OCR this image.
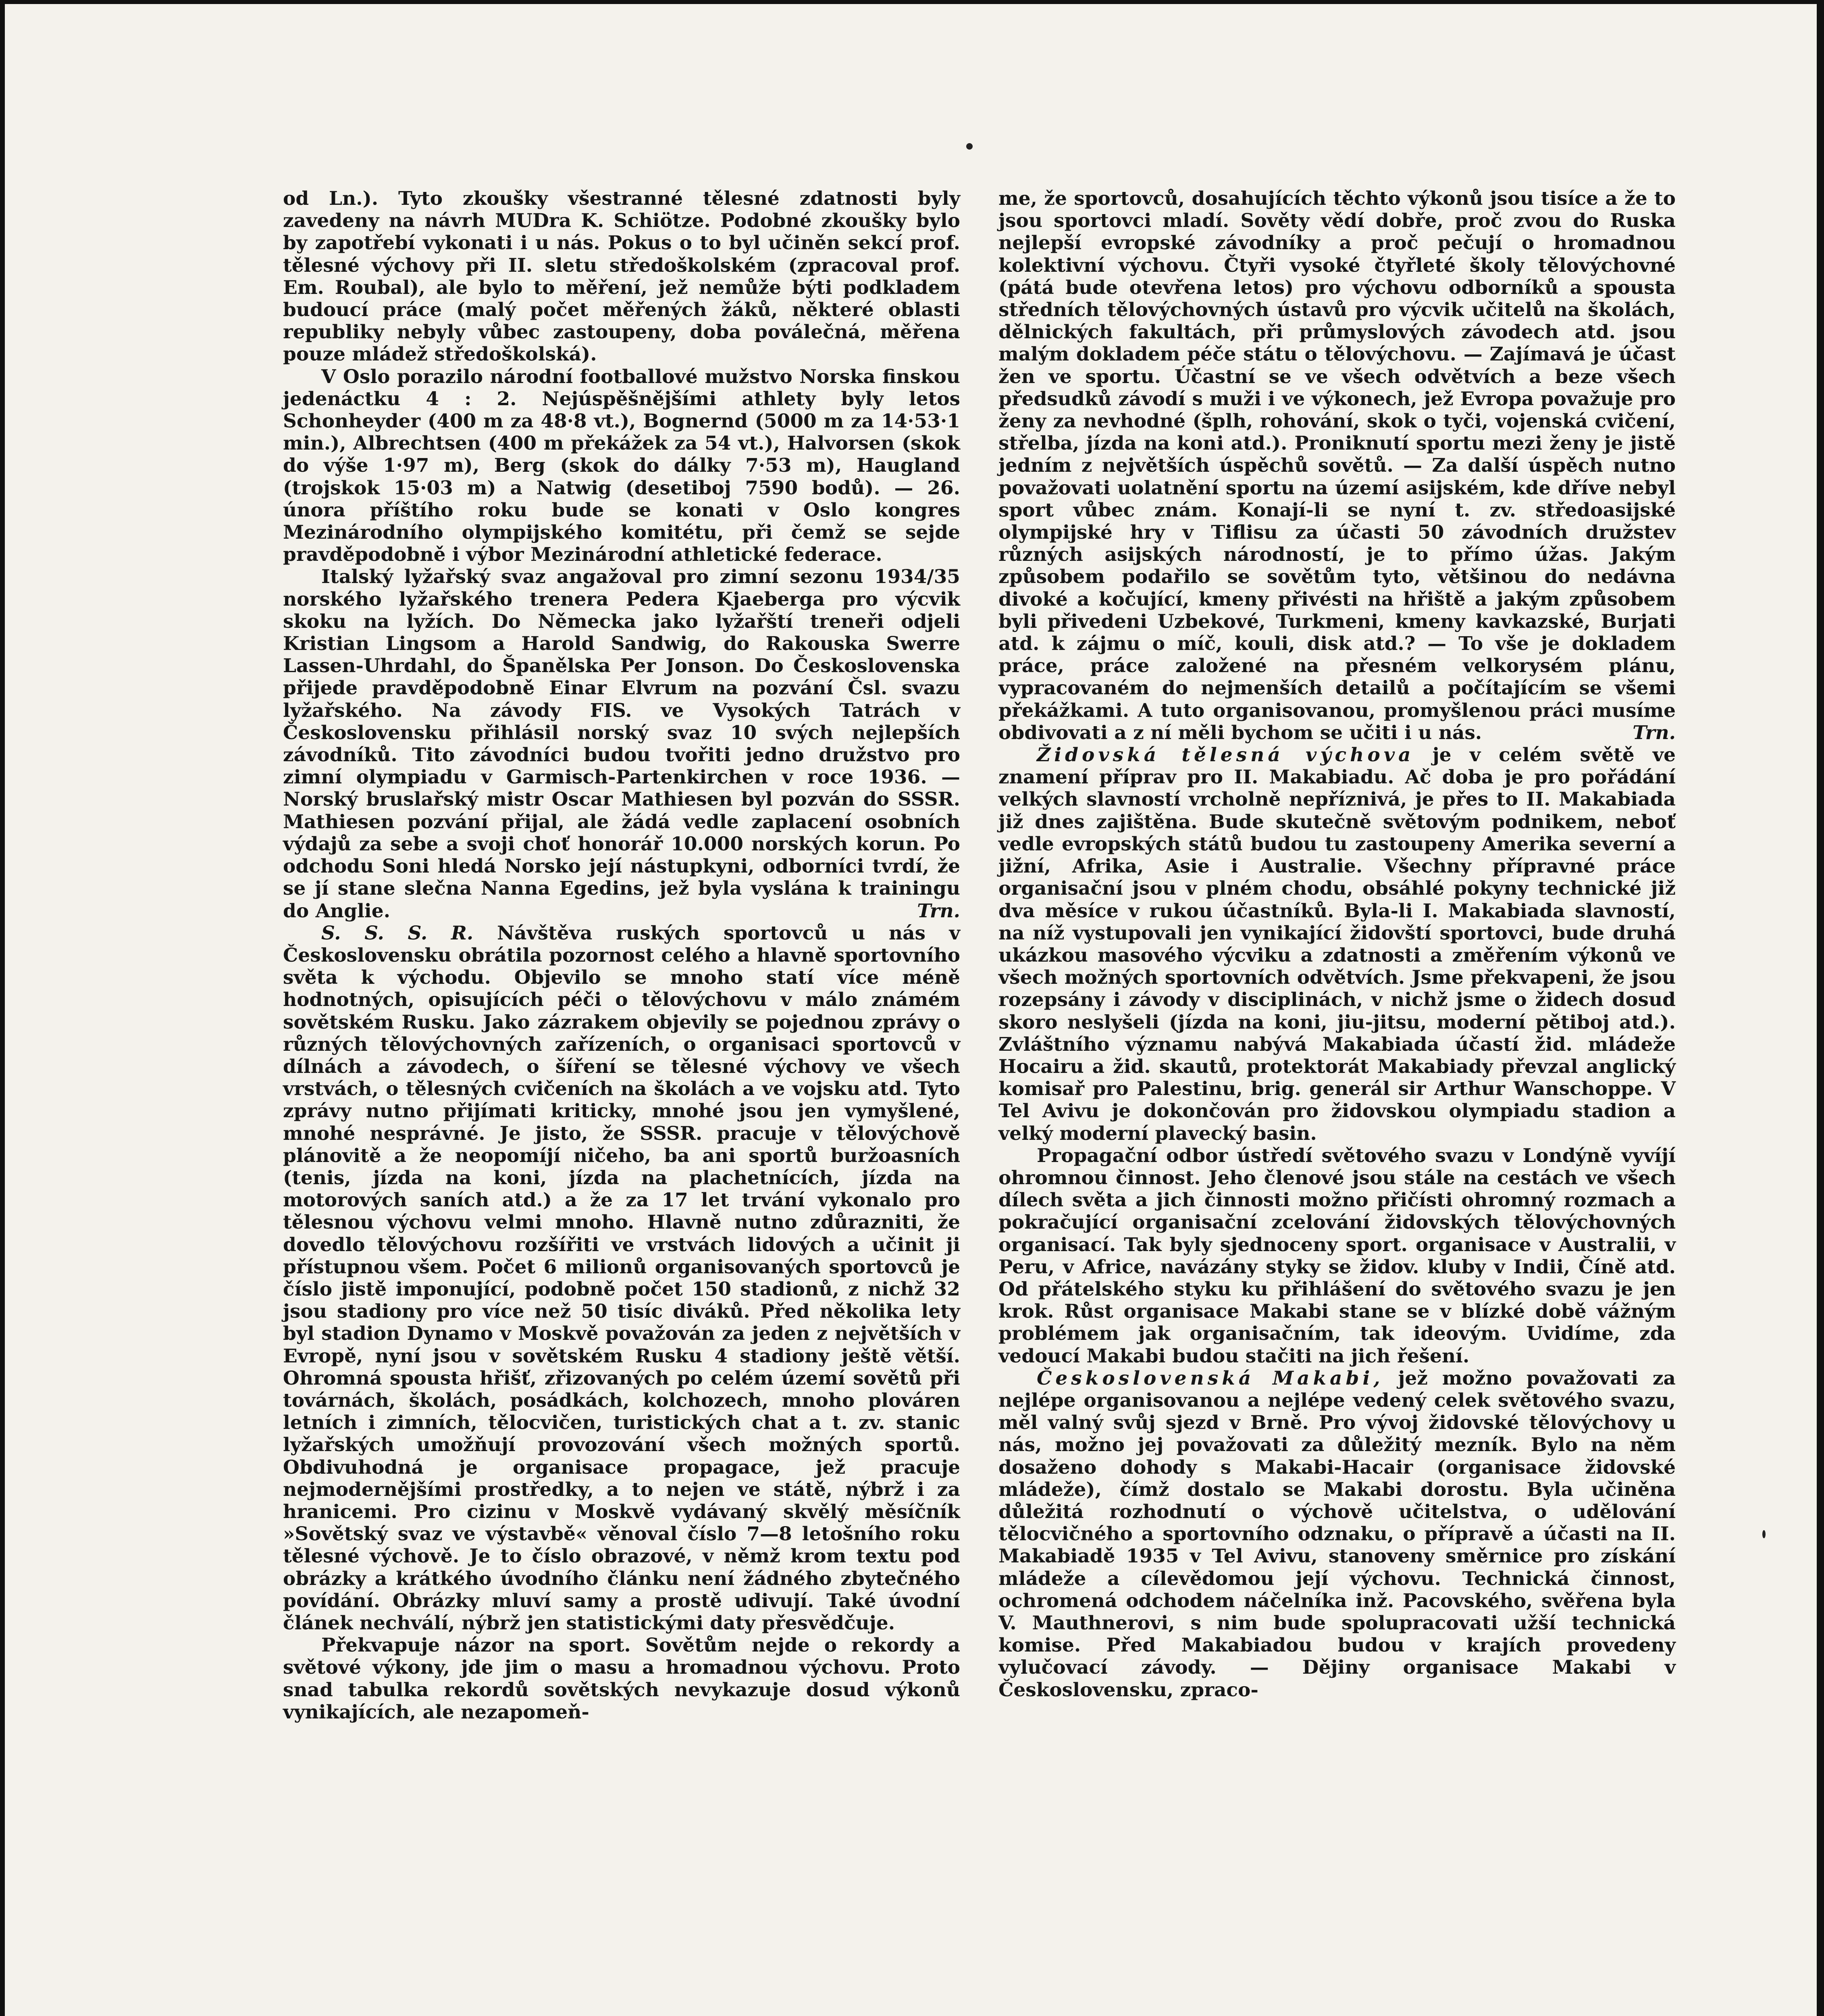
od Ln.). Tyto zkoušky všestranné tělesné zdatnosti byly zavedeny na návrh MUDra K. Schiötze. Podobné zkoušky bylo by zapotřebí vykonati i u nás. Pokus o to byl učiněn sekcí prof. tělesné výchovy při II. sletu středoškolském (zpracoval prof. Em. Roubal), ale bylo to měření, jež nemůže býti podkladem budoucí práce (malý počet měřených žáků, některé oblasti republiky nebyly vůbec zastoupeny, doba poválečná, měřena pouze mládež středoškolská).

V Oslo porazilo národní footballové mužstvo Norska finskou jedenáctku 4 : 2. Nejúspěšnějšími athlety byly letos Schonheyder (400 m za 48·8 vt.), Bognernd (5000 m za 14·53·1 min.), Albrechtsen (400 m překážek za 54 vt.), Halvorsen (skok do výše 1·97 m), Berg (skok do dálky 7·53 m), Haugland (trojskok 15·03 m) a Natwig (desetiboj 7590 bodů). — 26. února příštího roku bude se konati v Oslo kongres Mezinárodního olympijského komitétu, při čemž se sejde pravděpodobně i výbor Mezinárodní athletické federace.

Italský lyžařský svaz angažoval pro zimní sezonu 1934/35 norského lyžařského trenera Pedera Kjaeberga pro výcvik skoku na lyžích. Do Německa jako lyžařští treneři odjeli Kristian Lingsom a Harold Sandwig, do Rakouska Swerre Lassen-Uhrdahl, do Španělska Per Jonson. Do Československa přijede pravděpodobně Einar Elvrum na pozvání Čsl. svazu lyžařského. Na závody FIS. ve Vysokých Tatrách v Československu přihlásil norský svaz 10 svých nejlepších závodníků. Tito závodníci budou tvořiti jedno družstvo pro zimní olympiadu v Garmisch-Partenkirchen v roce 1936. — Norský bruslařský mistr Oscar Mathiesen byl pozván do SSSR. Mathiesen pozvání přijal, ale žádá vedle zaplacení osobních výdajů za sebe a svoji choť honorář 10.000 norských korun. Po odchodu Soni hledá Norsko její nástupkyni, odborníci tvrdí, že se jí stane slečna Nanna Egedins, jež byla vyslána k trainingu do Anglie.	Trn.

S. S. S. R. Návštěva ruských sportovců u nás v Československu obrátila pozornost celého a hlavně sportovního světa k východu. Objevilo se mnoho statí více méně hodnotných, opisujících péči o tělovýchovu v málo známém sovětském Rusku. Jako zázrakem objevily se pojednou zprávy o různých tělovýchovných zařízeních, o organisaci sportovců v dílnách a závodech, o šíření se tělesné výchovy ve všech vrstvách, o tělesných cvičeních na školách a ve vojsku atd. Tyto zprávy nutno přijímati kriticky, mnohé jsou jen vymyšlené, mnohé nesprávné. Je jisto, že SSSR. pracuje v tělovýchově plánovitě a že neopomíjí ničeho, ba ani sportů buržoasních (tenis, jízda na koni, jízda na plachetnících, jízda na motorových saních atd.) a že za 17 let trvání vykonalo pro tělesnou výchovu velmi mnoho. Hlavně nutno zdůrazniti, že dovedlo tělovýchovu rozšířiti ve vrstvách lidových a učinit ji přístupnou všem. Počet 6 milionů organisovaných sportovců je číslo jistě imponující, podobně počet 150 stadionů, z nichž 32 jsou stadiony pro více než 50 tisíc diváků. Před několika lety byl stadion Dynamo v Moskvě považován za jeden z největších v Evropě, nyní jsou v sovětském Rusku 4 stadiony ještě větší. Ohromná spousta hřišť, zřizovaných po celém území sovětů při továrnách, školách, posádkách, kolchozech, mnoho plováren letních i zimních, tělocvičen, turistických chat a t. zv. stanic lyžařských umožňují provozování všech možných sportů. Obdivuhodná je organisace propagace, jež pracuje nejmodernějšími prostředky, a to nejen ve státě, nýbrž i za hranicemi. Pro cizinu v Moskvě vydávaný skvělý měsíčník »Sovětský svaz ve výstavbě« věnoval číslo 7—8 letošního roku tělesné výchově. Je to číslo obrazové, v němž krom textu pod obrázky a krátkého úvodního článku není žádného zbytečného povídání. Obrázky mluví samy a prostě udivují. Také úvodní článek nechválí, nýbrž jen statistickými daty přesvědčuje.

Překvapuje názor na sport. Sovětům nejde o rekordy a světové výkony, jde jim o masu a hromadnou výchovu. Proto snad tabulka rekordů sovětských nevykazuje dosud výkonů vynikajících, ale nezapomeň-

me, že sportovců, dosahujících těchto výkonů jsou tisíce a že to jsou sportovci mladí. Sověty vědí dobře, proč zvou do Ruska nejlepší evropské závodníky a proč pečují o hromadnou kolektivní výchovu. Čtyři vysoké čtyřleté školy tělovýchovné (pátá bude otevřena letos) pro výchovu odborníků a spousta středních tělovýchovných ústavů pro výcvik učitelů na školách, dělnických fakultách, při průmyslových závodech atd. jsou malým dokladem péče státu o tělovýchovu. — Zajímavá je účast žen ve sportu. Účastní se ve všech odvětvích a beze všech předsudků závodí s muži i ve výkonech, jež Evropa považuje pro ženy za nevhodné (šplh, rohování, skok o tyči, vojenská cvičení, střelba, jízda na koni atd.). Proniknutí sportu mezi ženy je jistě jedním z největších úspěchů sovětů. — Za další úspěch nutno považovati uolatnění sportu na území asijském, kde dříve nebyl sport vůbec znám. Konají-li se nyní t. zv. středoasijské olympijské hry v Tiflisu za účasti 50 závodních družstev různých asijských národností, je to přímo úžas. Jakým způsobem podařilo se sovětům tyto, většinou do nedávna divoké a kočující, kmeny přivésti na hřiště a jakým způsobem byli přivedeni Uzbekové, Turkmeni, kmeny kavkazské, Burjati atd. k zájmu o míč, kouli, disk atd.? — To vše je dokladem práce, práce založené na přesném velkorysém plánu, vypracovaném do nejmenších detailů a počítajícím se všemi překážkami. A tuto organisovanou, promyšlenou práci musíme obdivovati a z ní měli bychom se učiti i u nás.	Trn.

Židovská tělesná výchova je v celém světě ve znamení příprav pro II. Makabiadu. Ač doba je pro pořádání velkých slavností vrcholně nepříznivá, je přes to II. Makabiada již dnes zajištěna. Bude skutečně světovým podnikem, neboť vedle evropských států budou tu zastoupeny Amerika severní a jižní, Afrika, Asie i Australie. Všechny přípravné práce organisační jsou v plném chodu, obsáhlé pokyny technické již dva měsíce v rukou účastníků. Byla-li I. Makabiada slavností, na níž vystupovali jen vynikající židovští sportovci, bude druhá ukázkou masového výcviku a zdatnosti a změřením výkonů ve všech možných sportovních odvětvích. Jsme překvapeni, že jsou rozepsány i závody v disciplinách, v nichž jsme o židech dosud skoro neslyšeli (jízda na koni, jiu-jitsu, moderní pětiboj atd.). Zvláštního významu nabývá Makabiada účastí žid. mládeže Hocairu a žid. skautů, protektorát Makabiady převzal anglický komisař pro Palestinu, brig. generál sir Arthur Wanschoppe. V Tel Avivu je dokončován pro židovskou olympiadu stadion a velký moderní plavecký basin.

Propagační odbor ústředí světového svazu v Londýně vyvíjí ohromnou činnost. Jeho členové jsou stále na cestách ve všech dílech světa a jich činnosti možno přičísti ohromný rozmach a pokračující organisační zcelování židovských tělovýchovných organisací. Tak byly sjednoceny sport. organisace v Australii, v Peru, v Africe, navázány styky se židov. kluby v Indii, Číně atd. Od přátelského styku ku přihlášení do světového svazu je jen krok. Růst organisace Makabi stane se v blízké době vážným problémem jak organisačním, tak ideovým. Uvidíme, zda vedoucí Makabi budou stačiti na jich řešení.

Československá Makabi, jež možno považovati za nejlépe organisovanou a nejlépe vedený celek světového svazu, měl valný svůj sjezd v Brně. Pro vývoj židovské tělovýchovy u nás, možno jej považovati za důležitý mezník. Bylo na něm dosaženo dohody s Makabi-Hacair (organisace židovské mládeže), čímž dostalo se Makabi dorostu. Byla učiněna důležitá rozhodnutí o výchově učitelstva, o udělování tělocvičného a sportovního odznaku, o přípravě a účasti na II. Makabiadě 1935 v Tel Avivu, stanoveny směrnice pro získání mládeže a cílevědomou její výchovu. Technická činnost, ochromená odchodem náčelníka inž. Pacovského, svěřena byla V. Mauthnerovi, s nim bude spolupracovati užší technická komise. Před Makabiadou budou v krajích provedeny vylučovací závody. — Dějiny organisace Makabi v Československu, zpraco-
